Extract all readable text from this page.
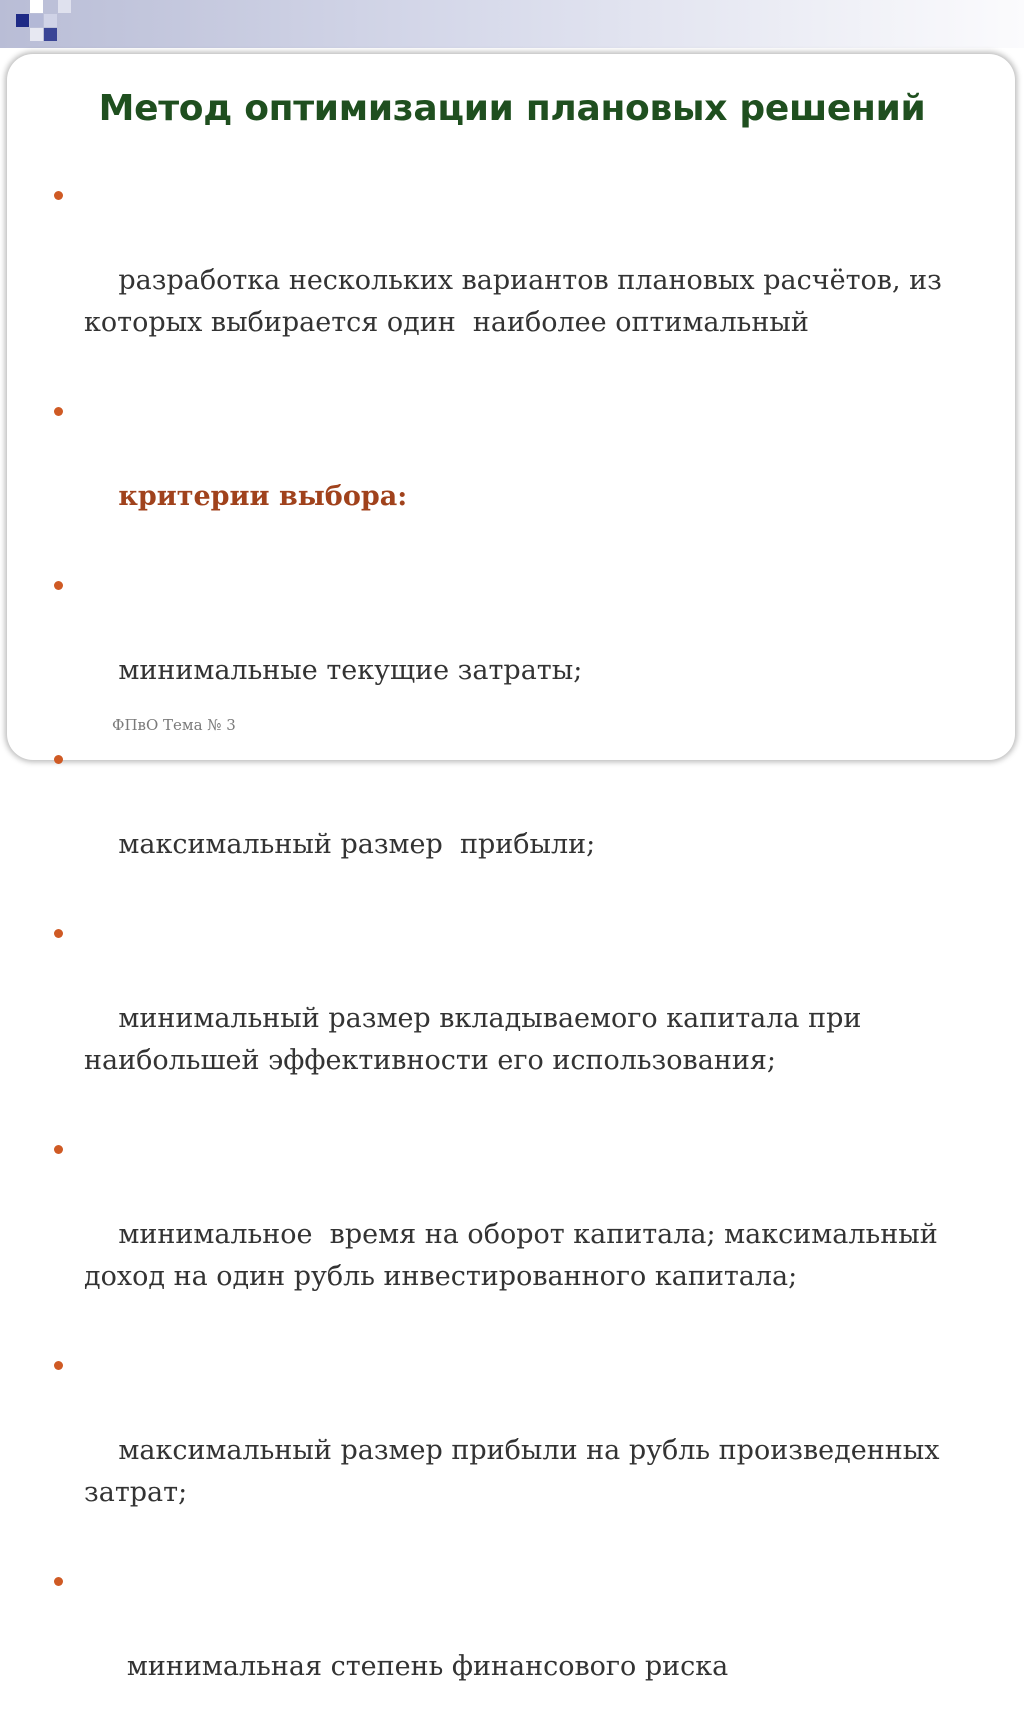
Метод оптимизации плановых решений

разработка нескольких вариантов плановых расчётов, из которых выбирается один  наиболее оптимальный

критерии выбора:

минимальные текущие затраты;

максимальный размер  прибыли;

минимальный размер вкладываемого капитала при наибольшей эффективности его использования;

минимальное  время на оборот капитала; максимальный доход на один рубль инвестированного капитала;

максимальный размер прибыли на рубль произведенных затрат;

минимальная степень финансового риска

ФПвО Тема № 3
